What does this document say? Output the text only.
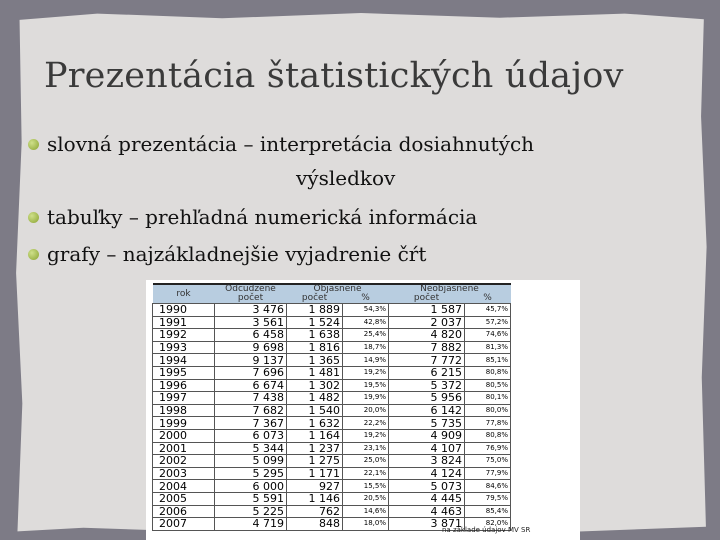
Prezentácia štatistických údajov
slovná prezentácia – interpretácia dosiahnutých
výsledkov
tabuľky – prehľadná numerická informácia
grafy – najzákladnejšie vyjadrenie čŕt
rok	Odcudzené počet	Objasnené		Neobjasnené	
		počet	%	počet	%
1990	3 476	1 889	54,3%	1 587	45,7%
1991	3 561	1 524	42,8%	2 037	57,2%
1992	6 458	1 638	25,4%	4 820	74,6%
1993	9 698	1 816	18,7%	7 882	81,3%
1994	9 137	1 365	14,9%	7 772	85,1%
1995	7 696	1 481	19,2%	6 215	80,8%
1996	6 674	1 302	19,5%	5 372	80,5%
1997	7 438	1 482	19,9%	5 956	80,1%
1998	7 682	1 540	20,0%	6 142	80,0%
1999	7 367	1 632	22,2%	5 735	77,8%
2000	6 073	1 164	19,2%	4 909	80,8%
2001	5 344	1 237	23,1%	4 107	76,9%
2002	5 099	1 275	25,0%	3 824	75,0%
2003	5 295	1 171	22,1%	4 124	77,9%
2004	6 000	927	15,5%	5 073	84,6%
2005	5 591	1 146	20,5%	4 445	79,5%
2006	5 225	762	14,6%	4 463	85,4%
2007	4 719	848	18,0%	3 871	82,0%
na základe údajov MV SR
